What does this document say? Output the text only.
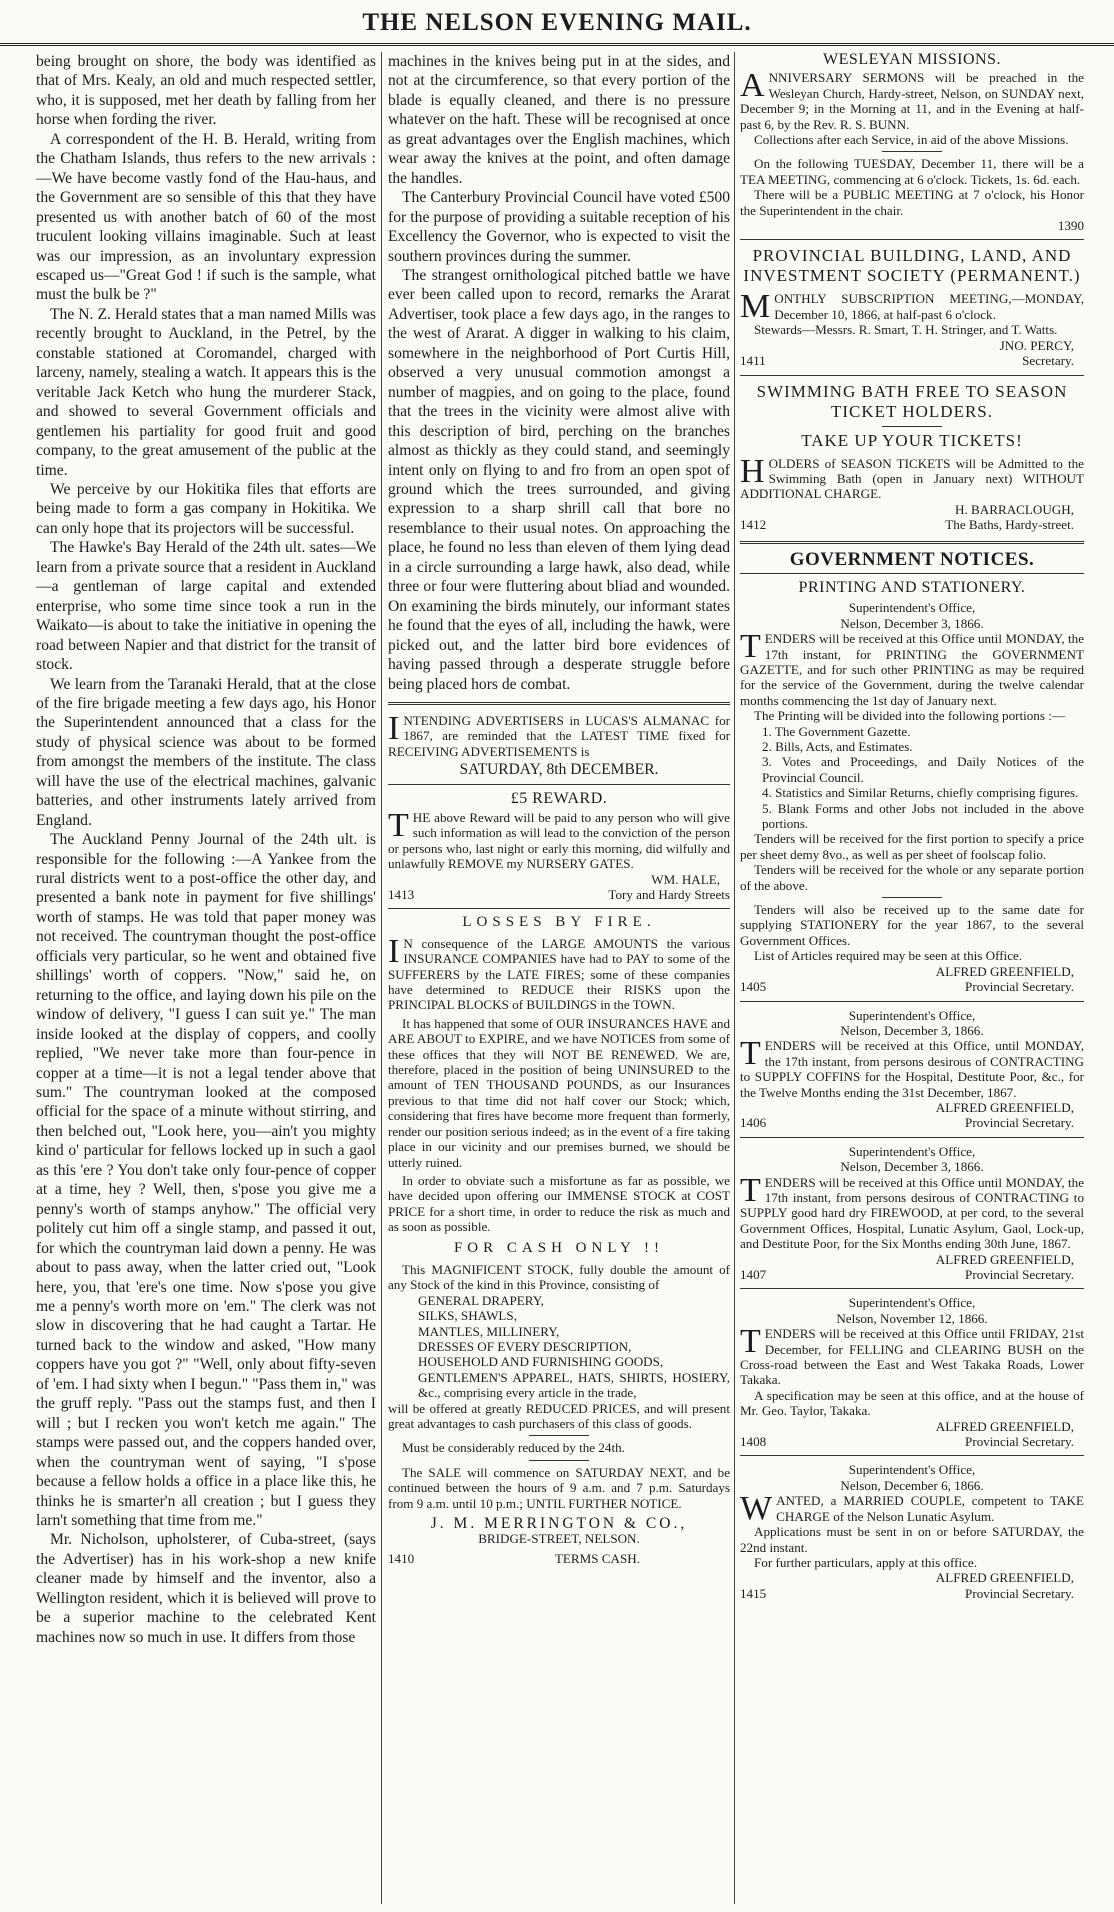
THE NELSON EVENING MAIL.

being brought on shore, the body was identified as that of Mrs. Kealy, an old and much respected settler, who, it is supposed, met her death by falling from her horse when fording the river.

A correspondent of the H. B. Herald, writing from the Chatham Islands, thus refers to the new arrivals :—We have become vastly fond of the Hau-haus, and the Government are so sensible of this that they have presented us with another batch of 60 of the most truculent looking villains imaginable. Such at least was our impression, as an involuntary expression escaped us—"Great God ! if such is the sample, what must the bulk be ?"

The N. Z. Herald states that a man named Mills was recently brought to Auckland, in the Petrel, by the constable stationed at Coromandel, charged with larceny, namely, stealing a watch. It appears this is the veritable Jack Ketch who hung the murderer Stack, and showed to several Government officials and gentlemen his partiality for good fruit and good company, to the great amusement of the public at the time.

We perceive by our Hokitika files that efforts are being made to form a gas company in Hokitika. We can only hope that its projectors will be successful.

The Hawke's Bay Herald of the 24th ult. sates—We learn from a private source that a resident in Auckland—a gentleman of large capital and extended enterprise, who some time since took a run in the Waikato—is about to take the initiative in opening the road between Napier and that district for the transit of stock.

We learn from the Taranaki Herald, that at the close of the fire brigade meeting a few days ago, his Honor the Superintendent announced that a class for the study of physical science was about to be formed from amongst the members of the institute. The class will have the use of the electrical machines, galvanic batteries, and other instruments lately arrived from England.

The Auckland Penny Journal of the 24th ult. is responsible for the following :—A Yankee from the rural districts went to a post-office the other day, and presented a bank note in payment for five shillings' worth of stamps. He was told that paper money was not received. The countryman thought the post-office officials very particular, so he went and obtained five shillings' worth of coppers. "Now," said he, on returning to the office, and laying down his pile on the window of delivery, "I guess I can suit ye." The man inside looked at the display of coppers, and coolly replied, "We never take more than four-pence in copper at a time—it is not a legal tender above that sum." The countryman looked at the composed official for the space of a minute without stirring, and then belched out, "Look here, you—ain't you mighty kind o' particular for fellows locked up in such a gaol as this 'ere ? You don't take only four-pence of copper at a time, hey ? Well, then, s'pose you give me a penny's worth of stamps anyhow." The official very politely cut him off a single stamp, and passed it out, for which the countryman laid down a penny. He was about to pass away, when the latter cried out, "Look here, you, that 'ere's one time. Now s'pose you give me a penny's worth more on 'em." The clerk was not slow in discovering that he had caught a Tartar. He turned back to the window and asked, "How many coppers have you got ?" "Well, only about fifty-seven of 'em. I had sixty when I begun." "Pass them in," was the gruff reply. "Pass out the stamps fust, and then I will ; but I recken you won't ketch me again." The stamps were passed out, and the coppers handed over, when the countryman went of saying, "I s'pose because a fellow holds a office in a place like this, he thinks he is smarter'n all creation ; but I guess they larn't something that time from me."

Mr. Nicholson, upholsterer, of Cuba-street, (says the Advertiser) has in his work-shop a new knife cleaner made by himself and the inventor, also a Wellington resident, which it is believed will prove to be a superior machine to the celebrated Kent machines now so much in use. It differs from those

machines in the knives being put in at the sides, and not at the circumference, so that every portion of the blade is equally cleaned, and there is no pressure whatever on the haft. These will be recognised at once as great advantages over the English machines, which wear away the knives at the point, and often damage the handles.

The Canterbury Provincial Council have voted £500 for the purpose of providing a suitable reception of his Excellency the Governor, who is expected to visit the southern provinces during the summer.

The strangest ornithological pitched battle we have ever been called upon to record, remarks the Ararat Advertiser, took place a few days ago, in the ranges to the west of Ararat. A digger in walking to his claim, somewhere in the neighborhood of Port Curtis Hill, observed a very unusual commotion amongst a number of magpies, and on going to the place, found that the trees in the vicinity were almost alive with this description of bird, perching on the branches almost as thickly as they could stand, and seemingly intent only on flying to and fro from an open spot of ground which the trees surrounded, and giving expression to a sharp shrill call that bore no resemblance to their usual notes. On approaching the place, he found no less than eleven of them lying dead in a circle surrounding a large hawk, also dead, while three or four were fluttering about bliad and wounded. On examining the birds minutely, our informant states he found that the eyes of all, including the hawk, were picked out, and the latter bird bore evidences of having passed through a desperate struggle before being placed hors de combat.

INTENDING ADVERTISERS in LUCAS'S ALMANAC for 1867, are reminded that the LATEST TIME fixed for RECEIVING ADVERTISEMENTS is

SATURDAY, 8th DECEMBER.

£5 REWARD.

THE above Reward will be paid to any person who will give such information as will lead to the conviction of the person or persons who, last night or early this morning, did wilfully and unlawfully REMOVE my NURSERY GATES.

WM. HALE,

1413	Tory and Hardy Streets

LOSSES BY FIRE.

I N consequence of the LARGE AMOUNTS the various INSURANCE COMPANIES have had to PAY to some of the SUFFERERS by the LATE FIRES; some of these companies have determined to REDUCE their RISKS upon the PRINCIPAL BLOCKS of BUILDINGS in the TOWN.

It has happened that some of OUR INSURANCES HAVE and ARE ABOUT to EXPIRE, and we have NOTICES from some of these offices that they will NOT BE RENEWED. We are, therefore, placed in the position of being UNINSURED to the amount of TEN THOUSAND POUNDS, as our Insurances previous to that time did not half cover our Stock; which, considering that fires have become more frequent than formerly, render our position serious indeed; as in the event of a fire taking place in our vicinity and our premises burned, we should be utterly ruined.

In order to obviate such a misfortune as far as possible, we have decided upon offering our IMMENSE STOCK at COST PRICE for a short time, in order to reduce the risk as much and as soon as possible.

FOR CASH ONLY !!

This MAGNIFICENT STOCK, fully double the amount of any Stock of the kind in this Province, consisting of

GENERAL DRAPERY,

SILKS, SHAWLS,

MANTLES, MILLINERY,

DRESSES OF EVERY DESCRIPTION,

HOUSEHOLD AND FURNISHING GOODS,

GENTLEMEN'S APPAREL, HATS, SHIRTS, HOSIERY, &c., comprising every article in the trade,

will be offered at greatly REDUCED PRICES, and will present great advantages to cash purchasers of this class of goods.

Must be considerably reduced by the 24th.

The SALE will commence on SATURDAY NEXT, and be continued between the hours of 9 a.m. and 7 p.m. Saturdays from 9 a.m. until 10 p.m.; UNTIL FURTHER NOTICE.

J. M. MERRINGTON & CO.,

BRIDGE-STREET, NELSON.

1410	TERMS CASH.

WESLEYAN MISSIONS.

ANNIVERSARY SERMONS will be preached in the Wesleyan Church, Hardy-street, Nelson, on SUNDAY next, December 9; in the Morning at 11, and in the Evening at half-past 6, by the Rev. R. S. BUNN.

Collections after each Service, in aid of the above Missions.

On the following TUESDAY, December 11, there will be a TEA MEETING, commencing at 6 o'clock. Tickets, 1s. 6d. each.

There will be a PUBLIC MEETING at 7 o'clock, his Honor the Superintendent in the chair.

1390

PROVINCIAL BUILDING, LAND, AND INVESTMENT SOCIETY (PERMANENT.)

MONTHLY SUBSCRIPTION MEETING,—MONDAY, December 10, 1866, at half-past 6 o'clock.

Stewards—Messrs. R. Smart, T. H. Stringer, and T. Watts.

JNO. PERCY,

1411	Secretary.

SWIMMING BATH FREE TO SEASON TICKET HOLDERS.

TAKE UP YOUR TICKETS!

HOLDERS of SEASON TICKETS will be Admitted to the Swimming Bath (open in January next) WITHOUT ADDITIONAL CHARGE.

H. BARRACLOUGH,

1412	The Baths, Hardy-street.

GOVERNMENT NOTICES.

PRINTING AND STATIONERY.

Superintendent's Office,

Nelson, December 3, 1866.

TENDERS will be received at this Office until MONDAY, the 17th instant, for PRINTING the GOVERNMENT GAZETTE, and for such other PRINTING as may be required for the service of the Government, during the twelve calendar months commencing the 1st day of January next.

The Printing will be divided into the following portions :—

1. The Government Gazette.

2. Bills, Acts, and Estimates.

3. Votes and Proceedings, and Daily Notices of the Provincial Council.

4. Statistics and Similar Returns, chiefly comprising figures.

5. Blank Forms and other Jobs not included in the above portions.

Tenders will be received for the first portion to specify a price per sheet demy 8vo., as well as per sheet of foolscap folio.

Tenders will be received for the whole or any separate portion of the above.

Tenders will also be received up to the same date for supplying STATIONERY for the year 1867, to the several Government Offices.

List of Articles required may be seen at this Office.

ALFRED GREENFIELD,

1405	Provincial Secretary.

Superintendent's Office,

Nelson, December 3, 1866.

TENDERS will be received at this Office, until MONDAY, the 17th instant, from persons desirous of CONTRACTING to SUPPLY COFFINS for the Hospital, Destitute Poor, &c., for the Twelve Months ending the 31st December, 1867.

ALFRED GREENFIELD,

1406	Provincial Secretary.

Superintendent's Office,

Nelson, December 3, 1866.

TENDERS will be received at this Office until MONDAY, the 17th instant, from persons desirous of CONTRACTING to SUPPLY good hard dry FIREWOOD, at per cord, to the several Government Offices, Hospital, Lunatic Asylum, Gaol, Lock-up, and Destitute Poor, for the Six Months ending 30th June, 1867.

ALFRED GREENFIELD,

1407	Provincial Secretary.

Superintendent's Office,

Nelson, November 12, 1866.

TENDERS will be received at this Office until FRIDAY, 21st December, for FELLING and CLEARING BUSH on the Cross-road between the East and West Takaka Roads, Lower Takaka.

A specification may be seen at this office, and at the house of Mr. Geo. Taylor, Takaka.

ALFRED GREENFIELD,

1408	Provincial Secretary.

Superintendent's Office,

Nelson, December 6, 1866.

WANTED, a MARRIED COUPLE, competent to TAKE CHARGE of the Nelson Lunatic Asylum.

Applications must be sent in on or before SATURDAY, the 22nd instant.

For further particulars, apply at this office.

ALFRED GREENFIELD,

1415	Provincial Secretary.
